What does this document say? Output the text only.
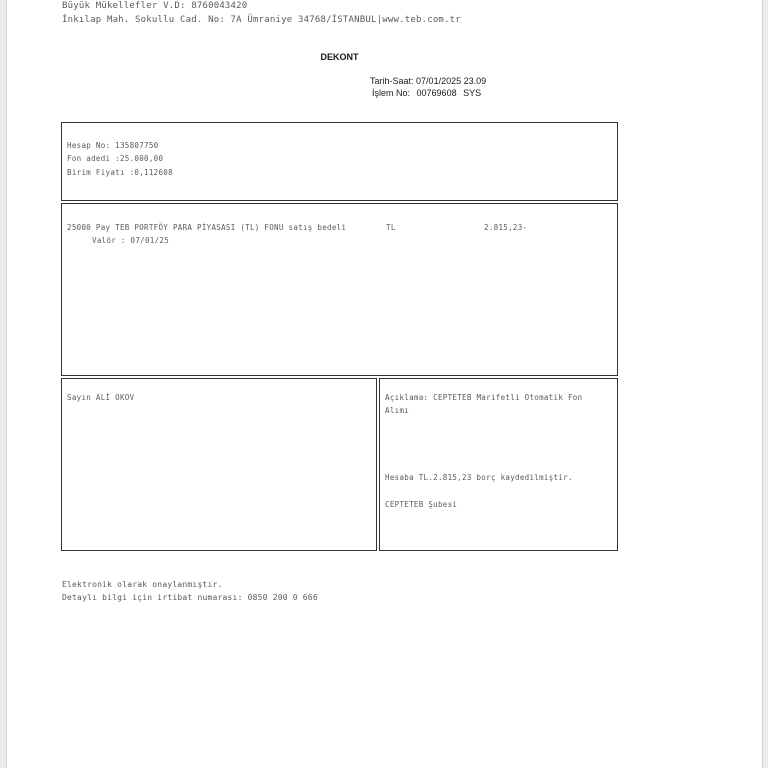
Büyük Mükellefler V.D: 8760043420
İnkılap Mah. Sokullu Cad. No: 7A Ümraniye 34768/İSTANBUL|www.teb.com.tr
DEKONT
Tarih-Saat: 07/01/2025 23.09
İşlem No: 00769608 SYS
Hesap No: 135807750
Fon adedi :25.000,00
Birim Fiyatı :0,112608
25000 Pay TEB PORTFÖY PARA PİYASASI (TL) FONU satış bedeli	TL	2.815,23-
Valör : 07/01/25
Sayın ALİ OKOV	Açıklama: CEPTETEB Marifetli Otomatik Fon
Alımı
Hesaba TL.2.815,23 borç kaydedilmiştir.
CEPTETEB Şubesi
Elektronik olarak onaylanmıştır.
Detaylı bilgi için irtibat numarası: 0850 200 0 666
